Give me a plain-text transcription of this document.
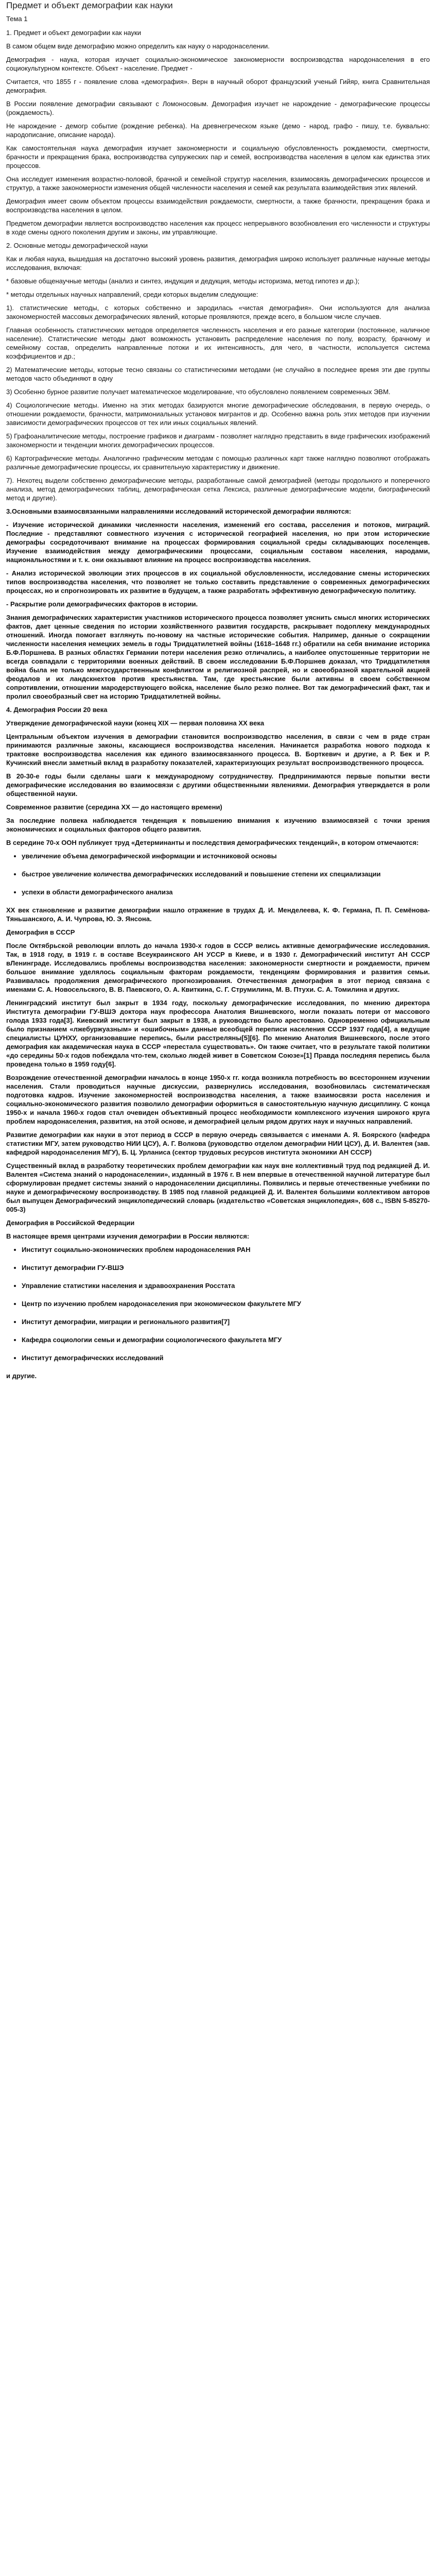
Предмет и объект демографии как науки

Тема 1

1. Предмет и объект демографии как науки

В самом общем виде демографию можно определить как науку о народонаселении.

Демография - наука, которая изучает социально-экономическое закономерности воспроизводства народонаселения в его социокультурном контексте. Объект - население. Предмет -

Считается, что 1855 г - появление слова «демография». Верн в научный оборот французский ученый Гийяр, книга Сравнительная демография.

В России появление демографии связывают с Ломоносовым. Демография изучает не нарождение - демографические процессы (рождаемость).

Не нарождение - демогр событие (рождение ребенка). На древнегреческом языке (демо - народ, графо - пишу, т.е. буквально: народописание, описание народа).

Как самостоятельная наука демография изучает закономерности и социальную обусловленность рождаемости, смертности, брачности и прекращения брака, воспроизводства супружеских пар и семей, воспроизводства населения в целом как единства этих процессов.

Она исследует изменения возрастно-половой, брачной и семейной структур населения, взаимосвязь демографических процессов и структур, а также закономерности изменения общей численности населения и семей как результата взаимодействия этих явлений.

Демография имеет своим объектом процессы взаимодействия рождаемости, смертности, а также брачности, прекращения брака и воспроизводства населения в целом.

Предметом демографии является воспроизводство населения как процесс непрерывного возобновления его численности и структуры в ходе смены одного поколения другим и законы, им управляющие.

2. Основные методы демографической науки

Как и любая наука, вышедшая на достаточно высокий уровень развития, демография широко использует различные научные методы исследования, включая:

* базовые общенаучные методы (анализ и синтез, индукция и дедукция, методы историзма, метод гипотез и др.);

* методы отдельных научных направлений, среди которых выделим следующие:

1). статистические методы, с которых собственно и зародилась «чистая демография». Они используются для анализа закономерностей массовых демографических явлений, которые проявляются, прежде всего, в большом числе случаев.

Главная особенность статистических методов определяется численность населения и его разные категории (постоянное, наличное население). Статистические методы дают возможность установить распределение населения по полу, возрасту, брачному и семейному состав, определить направленные потоки и их интенсивность, для чего, в частности, используется система коэффициентов и др.;

2) Математические методы, которые тесно связаны со статистическими методами (не случайно в последнее время эти две группы методов часто объединяют в одну

3) Особенно бурное развитие получает математическое моделирование, что обусловлено появлением современных ЭВМ.

4) Социологические методы. Именно на этих методах базируются многие демографические обследования, в первую очередь, о отношении рождаемости, брачности, матримониальных установок мигрантов и др. Особенно важна роль этих методов при изучении зависимости демографических процессов от тех или иных социальных явлений.

5) Графоаналитические методы, построение графиков и диаграмм - позволяет наглядно представить в виде графических изображений закономерности и тенденции многих демографических процессов.

6) Картографические методы. Аналогично графическим методам с помощью различных карт также наглядно позволяют отображать различные демографические процессы, их сравнительную характеристику и движение.

7). Нехотец выдели собственно демографические методы, разработанные самой демографией (методы продольного и поперечного анализа, метод демографических таблиц, демографическая сетка Лексиса, различные демографические модели, биографический метод и другие).

3.Основными взаимосвязанными направлениями исследований исторической демографии являются:

- Изучение исторической динамики численности населения, изменений его состава, расселения и потоков, миграций. Последние - представляют совместного изучения с исторической географией населения, но при этом исторические демографы сосредоточивают внимание на процессах формирования социальной среды складывающих поселенцев. Изучение взаимодействия между демографическими процессами, социальным составом населения, народами, национальностями и т. к. они оказывают влияние на процесс воспроизводства населения.

- Анализ исторической эволюции этих процессов в их социальной обусловленности, исследование смены исторических типов воспроизводства населения, что позволяет не только составить представление о современных демографических процессах, но и спрогнозировать их развитие в будущем, а также разработать эффективную демографическую политику.

- Раскрытие роли демографических факторов в истории.

Знания демографических характеристик участников исторического процесса позволяет уяснить смысл многих исторических фактов, дает ценные сведения по истории хозяйственного развития государств, раскрывает подоплеку международных отношений. Иногда помогает взглянуть по-новому на частные исторические события. Например, данные о сокращении численности населения немецких земель в годы Тридцатилетней войны (1618–1648 гг.) обратили на себя внимание историка Б.Ф.Поршнева. В разных областях Германии потери населения резко отличались, а наиболее опустошенные территории не всегда совпадали с территориями военных действий. В своем исследовании Б.Ф.Поршнев доказал, что Тридцатилетняя война была не только межгосударственным конфликтом и религиозной распрей, но и своеобразной карательной акцией феодалов и их ландскнехтов против крестьянства. Там, где крестьянские были активны в своем собственном сопротивлении, отношении мародерствующего войска, население было резко полнее. Вот так демографический факт, так и пролил своеобразный свет на историю Тридцатилетней войны.

4. Демография России 20 века

Утверждение демографической науки (конец XIX — первая половина XX века

Центральным объектом изучения в демографии становится воспроизводство населения, в связи с чем в ряде стран принимаются различные законы, касающиеся воспроизводства населения. Начинается разработка нового подхода к трактовке воспроизводства населения как единого взаимосвязанного процесса. В. Борткевич и другие, а Р. Бек и Р. Кучинский внесли заметный вклад в разработку показателей, характеризующих результат воспроизводственного процесса.

В 20-30-е годы были сделаны шаги к международному сотрудничеству. Предпринимаются первые попытки вести демографические исследования во взаимосвязи с другими общественными явлениями. Демография утверждается в роли общественной науки.

Современное развитие (середина XX — до настоящего времени)

За последние полвека наблюдается тенденция к повышению внимания к изучению взаимосвязей с точки зрения экономических и социальных факторов общего развития.

В середине 70-х ООН публикует труд «Детерминанты и последствия демографических тенденций», в котором отмечаются:

• увеличение объема демографической информации и источниковой основы
• быстрое увеличение количества демографических исследований и повышение степени их специализации
• успехи в области демографического анализа

XX век становление и развитие демографии нашло отражение в трудах Д. И. Менделеева, К. Ф. Германа, П. П. Семёнова-Тяньшанского, А. И. Чупрова, Ю. Э. Янсона.

Демография в СССР

После Октябрьской революции вплоть до начала 1930-х годов в СССР велись активные демографические исследования. Так, в 1918 году, в 1919 г. в составе Всеукраинского АН УССР в Киеве, и в 1930 г. Демографический институт АН СССР вЛенинграде. Исследовались проблемы воспроизводства населения: закономерности смертности и рождаемости, причем большое внимание уделялось социальным факторам рождаемости, тенденциям формирования и развития семьи. Развивалась продолжения демографического прогнозирования. Отечественная демография в этот период связана с именами С. А. Новосельского, В. В. Паевского, О. А. Квиткина, С. Г. Струмилина, М. В. Птухи. С. А. Томилина и других.

Ленинградский институт был закрыт в 1934 году, поскольку демографические исследования, по мнению директора Института демографии ГУ-ВШЭ доктора наук профессора Анатолия Вишневского, могли показать потери от массового голода 1933 года[3]. Киевский институт был закрыт в 1938, а руководство было арестовано. Одновременно официальным было признанием «лжебуржуазным» и «ошибочным» данные всеобщей переписи населения СССР 1937 года[4], а ведущие специалисты ЦУНХУ, организовавшие перепись, были расстреляны[5][6]. По мнению Анатолия Вишневского, после этого демография как академическая наука в СССР «перестала существовать». Он также считает, что в результате такой политики «до середины 50-х годов побеждала что-тем, сколько людей живет в Советском Союзе»[1] Правда последняя перепись была проведена только в 1959 году[6].

Возрождение отечественной демографии началось в конце 1950-х гг. когда возникла потребность во всестороннем изучении населения. Стали проводиться научные дискуссии, развернулись исследования, возобновилась систематическая подготовка кадров. Изучение закономерностей воспроизводства населения, а также взаимосвязи роста населения и социально-экономического развития позволило демографии оформиться в самостоятельную научную дисциплину. С конца 1950-х и начала 1960-х годов стал очевиден объективный процесс необходимости комплексного изучения широкого круга проблем народонаселения, развития, на этой основе, и демографией целым рядом других наук и научных направлений.

Развитие демографии как науки в этот период в СССР в первую очередь связывается с именами А. Я. Боярского (кафедра статистики МГУ, затем руководство НИИ ЦСУ), А. Г. Волкова (руководство отделом демографии НИИ ЦСУ), Д. И. Валентея (зав. кафедрой народонаселения МГУ), Б. Ц. Урланиса (сектор трудовых ресурсов института экономики АН СССР)

Существенный вклад в разработку теоретических проблем демографии как наук вне коллективный труд под редакцией Д. И. Валентея «Система знаний о народонаселении», изданный в 1976 г. В нем впервые в отечественной научной литературе был сформулирован предмет системы знаний о народонаселении дисциплины. Появились и первые отечественные учебники по науке и демографическому воспроизводству. В 1985 под главной редакцией Д. И. Валентея большими коллективом авторов был выпущен Демографический энциклопедический словарь (издательство «Советская энциклопедия», 608 с., ISBN 5-85270-005-3)

Демография в Российской Федерации

В настоящее время центрами изучения демографии в России являются:

• Институт социально-экономических проблем народонаселения РАН
• Институт демографии ГУ-ВШЭ
• Управление статистики населения и здравоохранения Росстата
• Центр по изучению проблем народонаселения при экономическом факультете МГУ
• Институт демографии, миграции и регионального развития[7]
• Кафедра социологии семьи и демографии социологического факультета МГУ
• Институт демографических исследований

и другие.
